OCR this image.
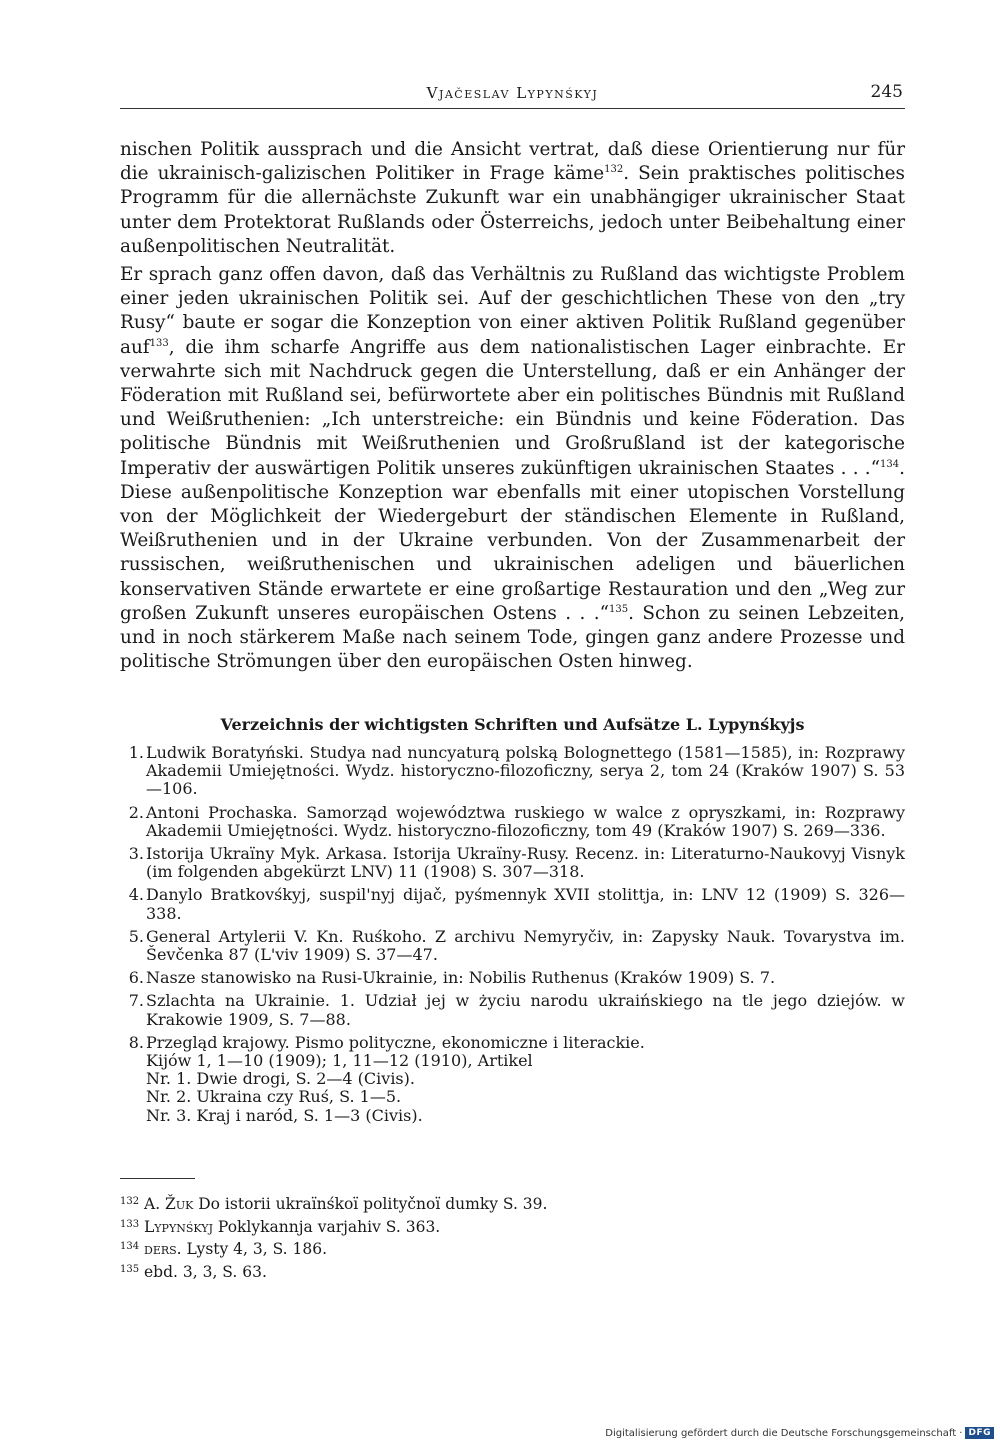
Vjačeslav Lypynśkyj	245

nischen Politik aussprach und die Ansicht vertrat, daß diese Orientierung nur für die ukrainisch-galizischen Politiker in Frage käme$^{132}$. Sein praktisches politisches Programm für die allernächste Zukunft war ein unabhängiger ukrainischer Staat unter dem Protektorat Rußlands oder Österreichs, jedoch unter Beibehaltung einer außenpolitischen Neutralität.

Er sprach ganz offen davon, daß das Verhältnis zu Rußland das wichtigste Problem einer jeden ukrainischen Politik sei. Auf der geschichtlichen These von den „try Rusy“ baute er sogar die Konzeption von einer aktiven Politik Rußland gegenüber auf$^{133}$, die ihm scharfe Angriffe aus dem nationalistischen Lager einbrachte. Er verwahrte sich mit Nachdruck gegen die Unterstellung, daß er ein Anhänger der Föderation mit Rußland sei, befürwortete aber ein politisches Bündnis mit Rußland und Weißruthenien: „Ich unterstreiche: ein Bündnis und keine Föderation. Das politische Bündnis mit Weißruthenien und Großrußland ist der kategorische Imperativ der auswärtigen Politik unseres zukünftigen ukrainischen Staates . . .“$^{134}$. Diese außenpolitische Konzeption war ebenfalls mit einer utopischen Vorstellung von der Möglichkeit der Wiedergeburt der ständischen Elemente in Rußland, Weißruthenien und in der Ukraine verbunden. Von der Zusammenarbeit der russischen, weißruthenischen und ukrainischen adeligen und bäuerlichen konservativen Stände erwartete er eine großartige Restauration und den „Weg zur großen Zukunft unseres europäischen Ostens . . .“$^{135}$. Schon zu seinen Lebzeiten, und in noch stärkerem Maße nach seinem Tode, gingen ganz andere Prozesse und politische Strömungen über den europäischen Osten hinweg.

Verzeichnis der wichtigsten Schriften und Aufsätze L. Lypynśkyjs
1. Ludwik Boratyński. Studya nad nuncyaturą polską Bolognettego (1581—1585), in: Rozprawy Akademii Umiejętności. Wydz. historyczno-filozoficzny, serya 2, tom 24 (Kraków 1907) S. 53—106.
2. Antoni Prochaska. Samorząd województwa ruskiego w walce z opryszkami, in: Rozprawy Akademii Umiejętności. Wydz. historyczno-filozoficzny, tom 49 (Kraków 1907) S. 269—336.
3. Istorija Ukraïny Myk. Arkasa. Istorija Ukraïny-Rusy. Recenz. in: Literaturno-Naukovyj Visnyk (im folgenden abgekürzt LNV) 11 (1908) S. 307—318.
4. Danylo Bratkovśkyj, suspil'nyj dijač, pyśmennyk XVII stolittja, in: LNV 12 (1909) S. 326—338.
5. General Artylerii V. Kn. Ruśkoho. Z archivu Nemyryčiv, in: Zapysky Nauk. Tovarystva im. Ševčenka 87 (L'viv 1909) S. 37—47.
6. Nasze stanowisko na Rusi-Ukrainie, in: Nobilis Ruthenus (Kraków 1909) S. 7.
7. Szlachta na Ukrainie. 1. Udział jej w życiu narodu ukraińskiego na tle jego dziejów. w Krakowie 1909, S. 7—88.
8. Przegląd krajowy. Pismo polityczne, ekonomiczne i literackie.
Kijów 1, 1—10 (1909); 1, 11—12 (1910), Artikel
Nr. 1. Dwie drogi, S. 2—4 (Civis).
Nr. 2. Ukraina czy Ruś, S. 1—5.
Nr. 3. Kraj i naród, S. 1—3 (Civis).
132 A. Žuk Do istorii ukraïnśkoï polityčnoï dumky S. 39.
133 Lypynśkyj Poklykannja varjahiv S. 363.
134 ders. Lysty 4, 3, S. 186.
135 ebd. 3, 3, S. 63.
Digitalisierung gefördert durch die Deutsche Forschungsgemeinschaft · DFG
